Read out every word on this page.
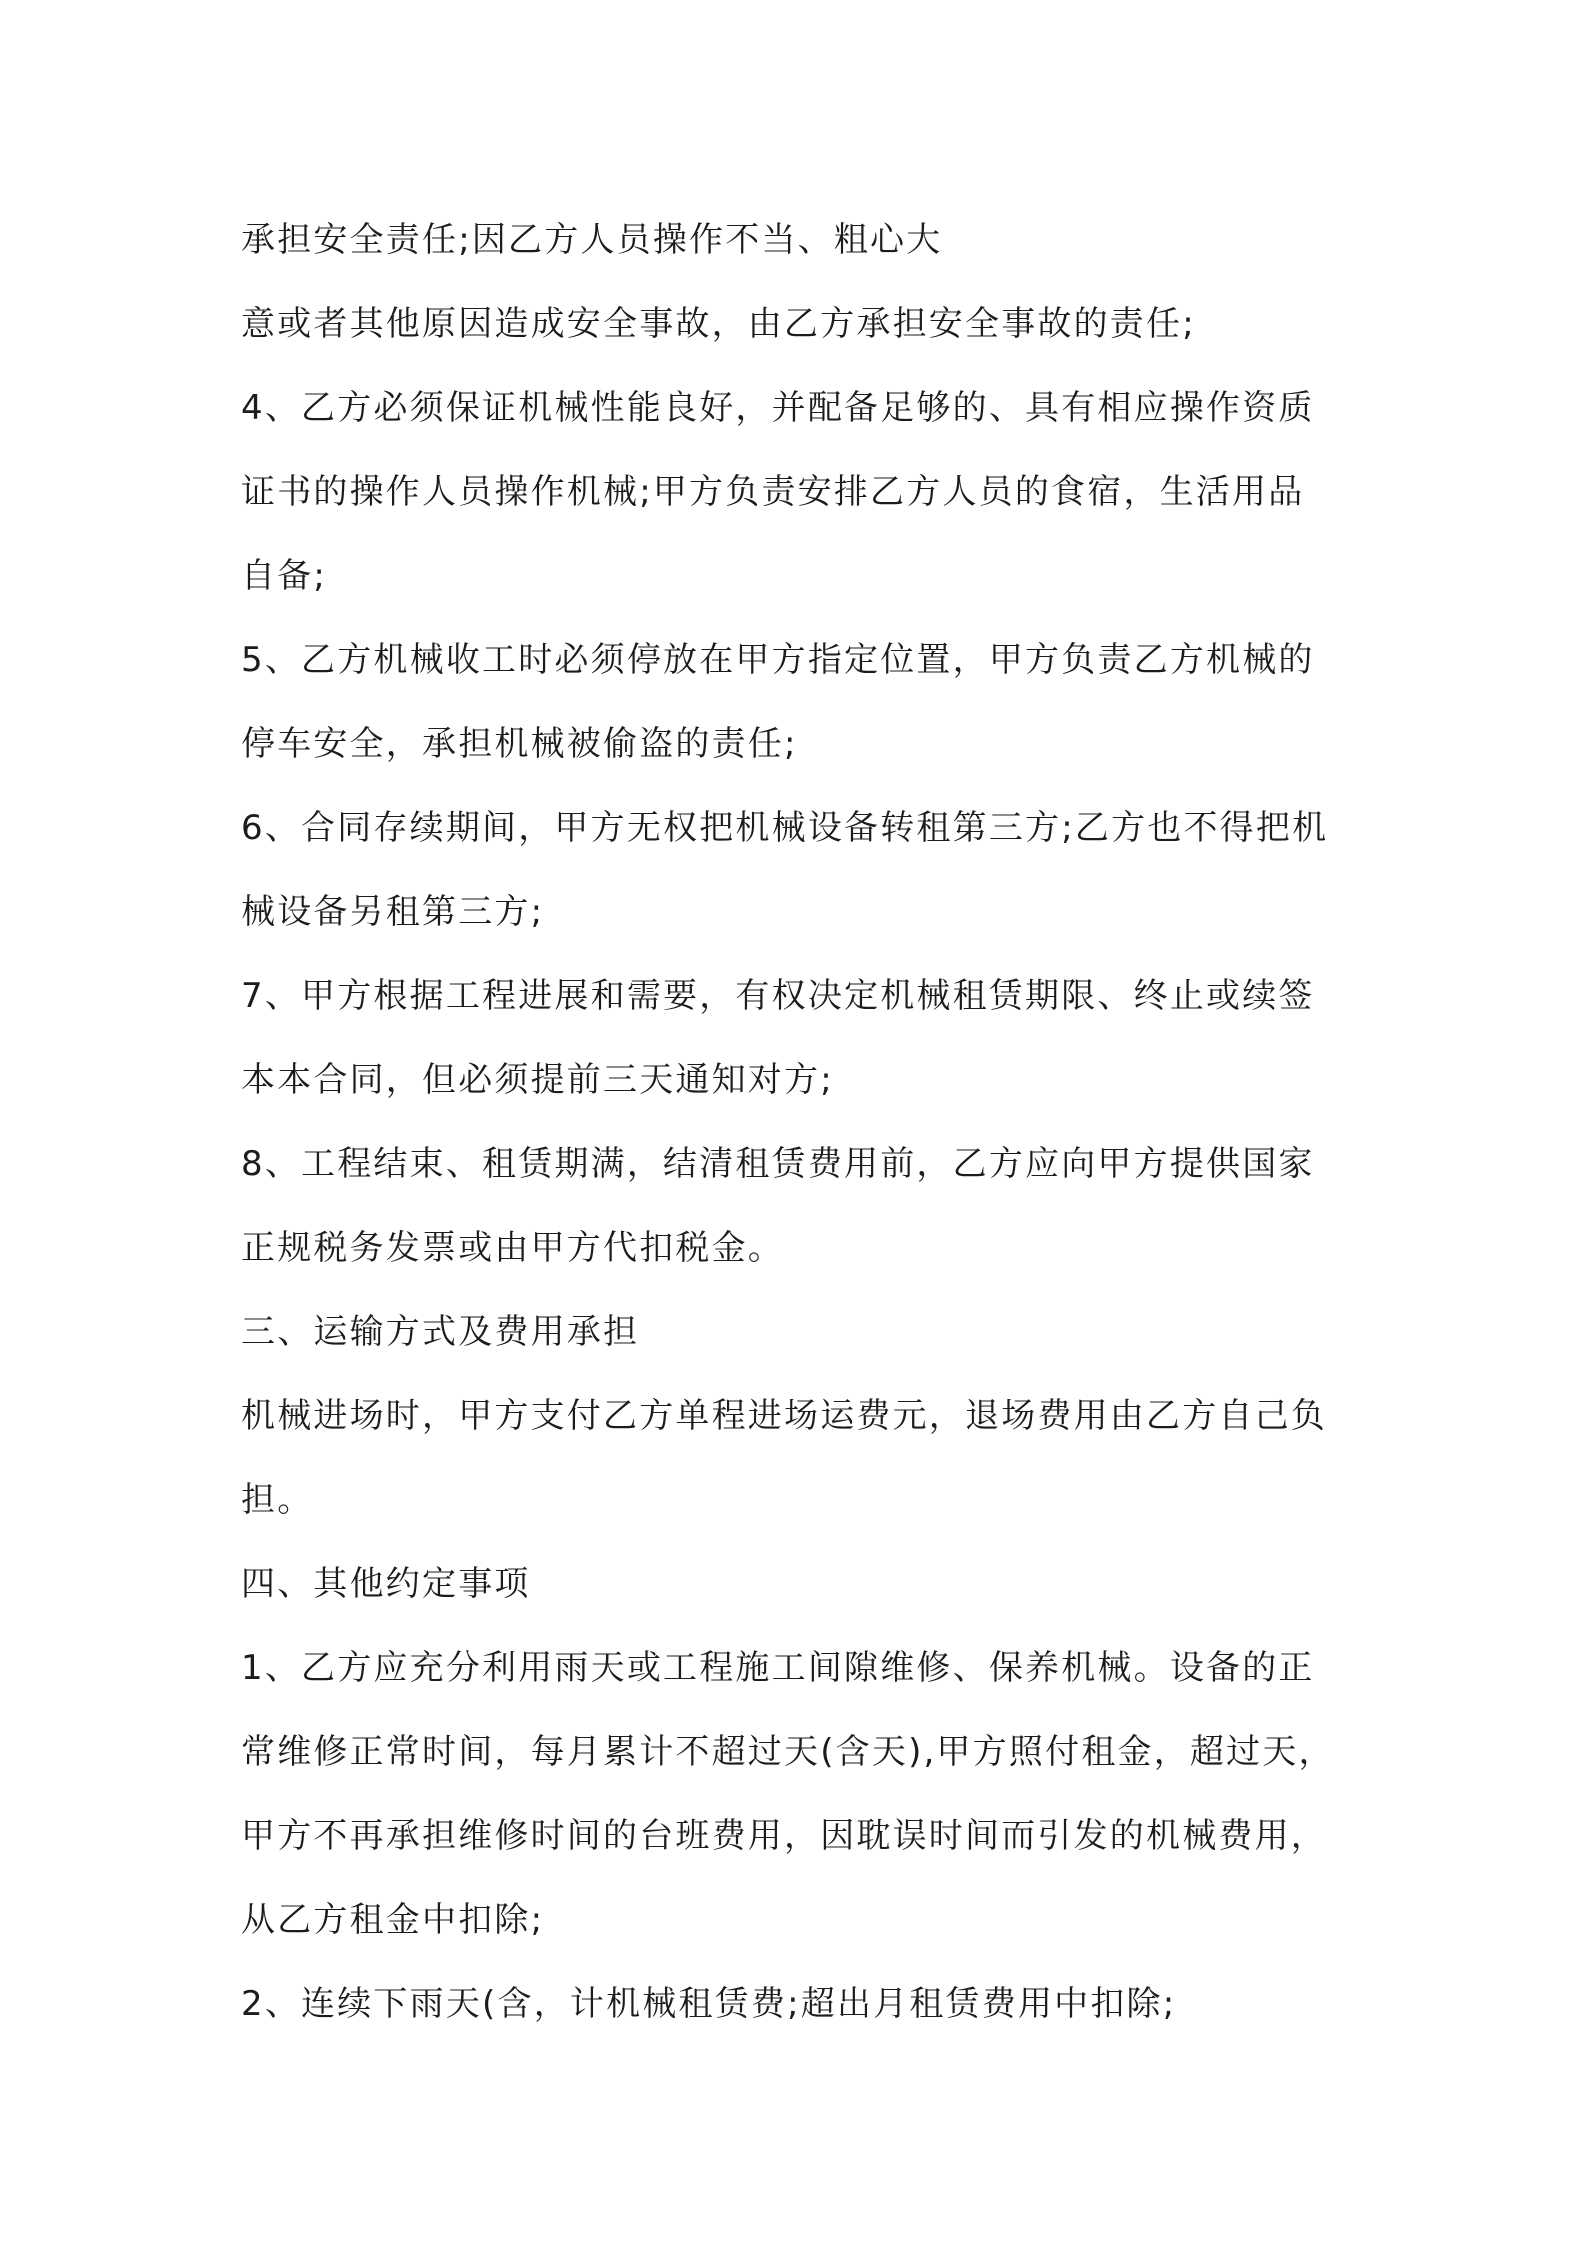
承担安全责任;因乙方人员操作不当、粗心大
意或者其他原因造成安全事故，由乙方承担安全事故的责任;
4、乙方必须保证机械性能良好，并配备足够的、具有相应操作资质
证书的操作人员操作机械;甲方负责安排乙方人员的食宿，生活用品
自备;
5、乙方机械收工时必须停放在甲方指定位置，甲方负责乙方机械的
停车安全，承担机械被偷盗的责任;
6、合同存续期间，甲方无权把机械设备转租第三方;乙方也不得把机
械设备另租第三方;
7、甲方根据工程进展和需要，有权决定机械租赁期限、终止或续签
本本合同，但必须提前三天通知对方;
8、工程结束、租赁期满，结清租赁费用前，乙方应向甲方提供国家
正规税务发票或由甲方代扣税金。
三、运输方式及费用承担
机械进场时，甲方支付乙方单程进场运费元，退场费用由乙方自己负
担。
四、其他约定事项
1、乙方应充分利用雨天或工程施工间隙维修、保养机械。设备的正
常维修正常时间，每月累计不超过天(含天),甲方照付租金，超过天，
甲方不再承担维修时间的台班费用，因耽误时间而引发的机械费用，
从乙方租金中扣除;
2、连续下雨天(含，计机械租赁费;超出月租赁费用中扣除;
